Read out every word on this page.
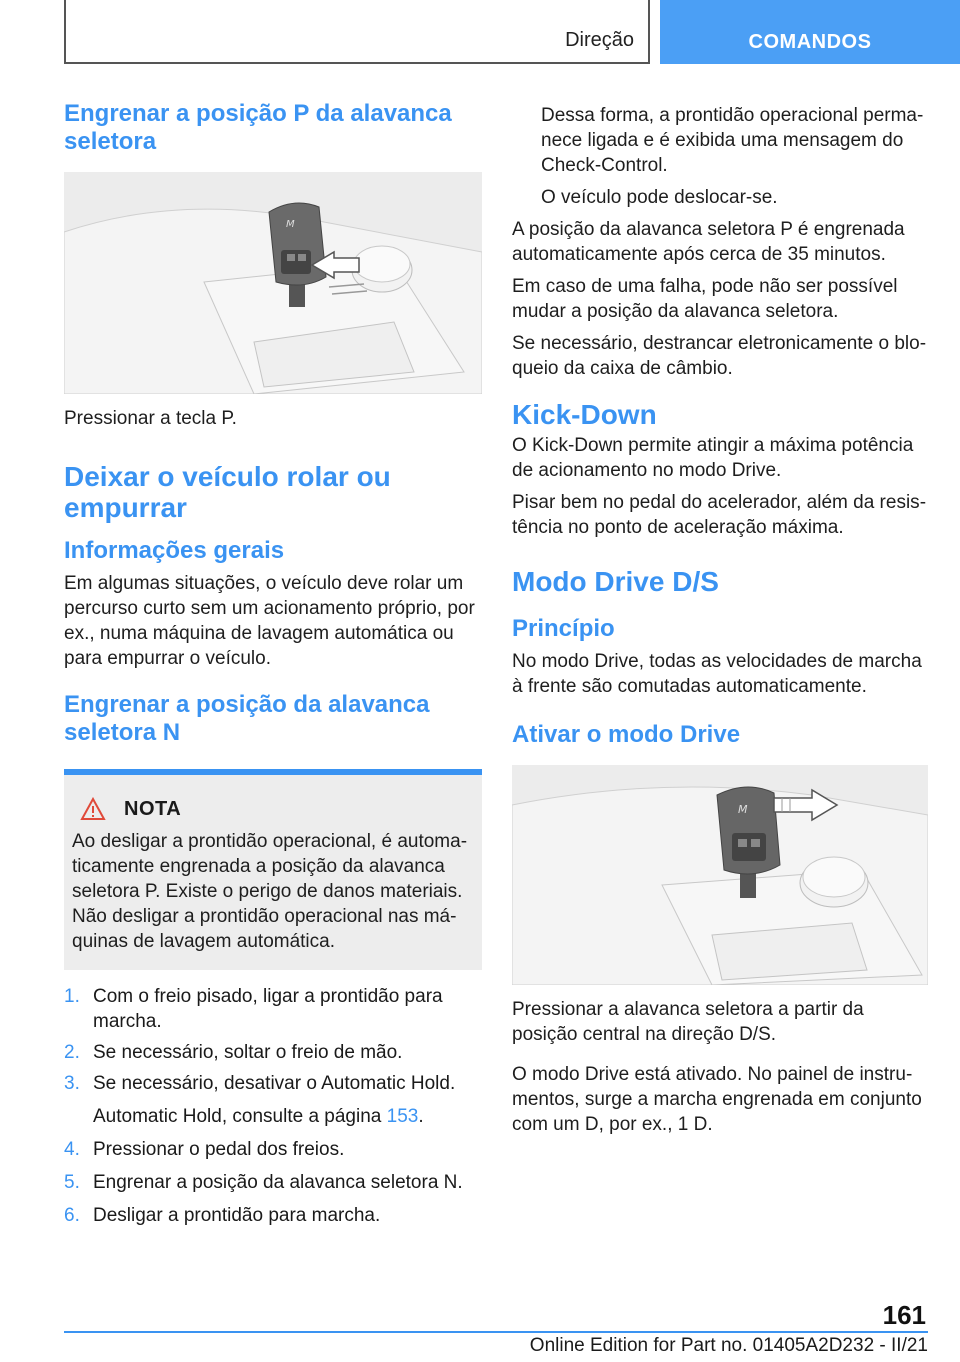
Direção	COMANDOS
Engrenar a posição P da alavanca seletora
M

Pressionar a tecla P.

Deixar o veículo rolar ou empurrar
Informações gerais

Em algumas situações, o veículo deve rolar um percurso curto sem um acionamento próprio, por ex., numa máquina de lavagem automática ou para empurrar o veículo.

Engrenar a posição da alavanca seletora N
NOTA

Ao desligar a prontidão operacional, é automaticamente engrenada a posição da alavanca seletora P. Existe o perigo de danos materiais. Não desligar a prontidão operacional nas máquinas de lavagem automática.

1. Com o freio pisado, ligar a prontidão para marcha.
2. Se necessário, soltar o freio de mão.
3. Se necessário, desativar o Automatic Hold.
Automatic Hold, consulte a página 153.
4. Pressionar o pedal dos freios.
5. Engrenar a posição da alavanca seletora N.
6. Desligar a prontidão para marcha.

Dessa forma, a prontidão operacional permanece ligada e é exibida uma mensagem do Check-Control.

O veículo pode deslocar-se.

A posição da alavanca seletora P é engrenada automaticamente após cerca de 35 minutos.

Em caso de uma falha, pode não ser possível mudar a posição da alavanca seletora.

Se necessário, destrancar eletronicamente o bloqueio da caixa de câmbio.

Kick-Down

O Kick-Down permite atingir a máxima potência de acionamento no modo Drive.

Pisar bem no pedal do acelerador, além da resistência no ponto de aceleração máxima.

Modo Drive D/S
Princípio

No modo Drive, todas as velocidades de marcha à frente são comutadas automaticamente.

Ativar o modo Drive
M

Pressionar a alavanca seletora a partir da posição central na direção D/S.

O modo Drive está ativado. No painel de instrumentos, surge a marcha engrenada em conjunto com um D, por ex., 1 D.

161
Online Edition for Part no. 01405A2D232 - II/21
